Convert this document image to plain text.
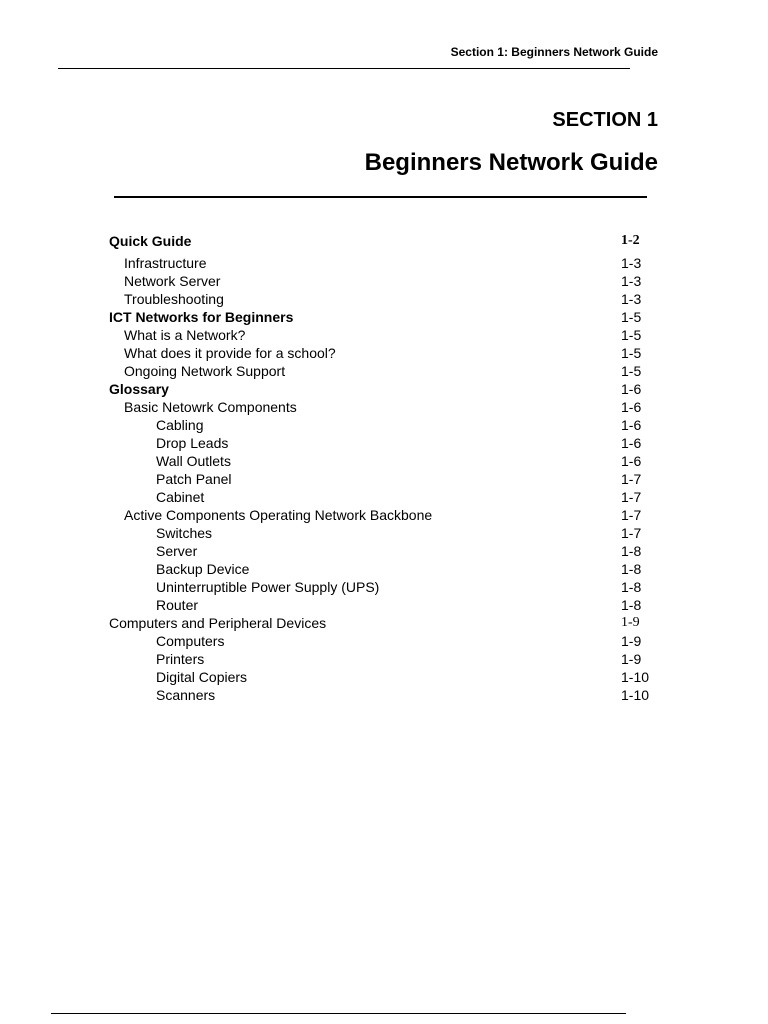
Section 1: Beginners Network Guide
SECTION 1
Beginners Network Guide
Quick Guide	1-2
Infrastructure	1-3
Network Server	1-3
Troubleshooting	1-3
ICT Networks for Beginners	1-5
What is a Network?	1-5
What does it provide for a school?	1-5
Ongoing Network Support	1-5
Glossary	1-6
Basic Netowrk Components	1-6
Cabling	1-6
Drop Leads	1-6
Wall Outlets	1-6
Patch Panel	1-7
Cabinet	1-7
Active Components Operating Network Backbone	1-7
Switches	1-7
Server	1-8
Backup Device	1-8
Uninterruptible Power Supply (UPS)	1-8
Router	1-8
Computers and Peripheral Devices	1-9
Computers	1-9
Printers	1-9
Digital Copiers	1-10
Scanners	1-10
